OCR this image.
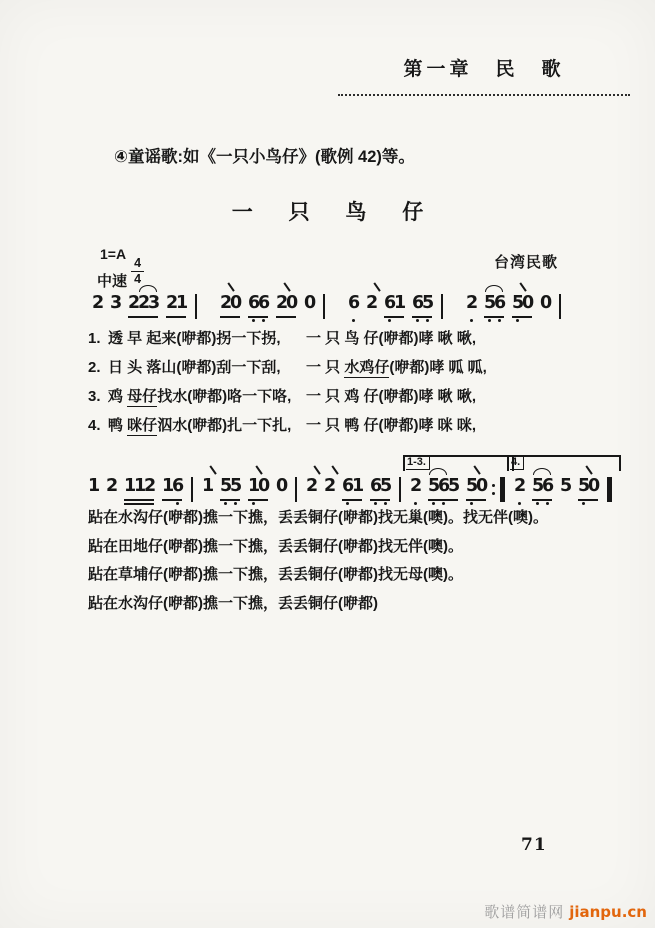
第一章　民　歌
④童谣歌:如《一只小鸟仔》(歌例 42)等。
一 只 鸟 仔
1=A
$\frac{4}{4}$	台湾民歌
中速
2 3 2
2
3 2
1 2
0 6
6 2
0 0 6 2 6
1 6
5 2 5
6 5
0 0
1. 透 早 起来(咿都)拐一下拐,	一 只 鸟 仔(咿都)哮 啾 啾,
2. 日 头 落山(咿都)刮一下刮,	一 只 水鸡仔(咿都)哮 呱 呱,
3. 鸡 母仔找水(咿都)咯一下咯, 一 只 鸡 仔(咿都)哮 啾 啾,
4. 鸭 咪仔泅水(咿都)扎一下扎, 一 只 鸭 仔(咿都)哮 咪 咪,
1 2 1
1
2 1
6 1 5
5 1
0 0 2 2 6
1 6
5
1-3.
2 5
6
5 5
0
4.
2 5
6 5 5
0
跕在水沟仔(咿都)撨一下撨，丢丢铜仔(咿都)找无巢(噢)。找无伴(噢)。
跕在田地仔(咿都)撨一下撨，丢丢铜仔(咿都)找无伴(噢)。
跕在草埔仔(咿都)撨一下撨，丢丢铜仔(咿都)找无母(噢)。
跕在水沟仔(咿都)撨一下撨，丢丢铜仔(咿都)
71
歌谱简谱网 jianpu.cn
